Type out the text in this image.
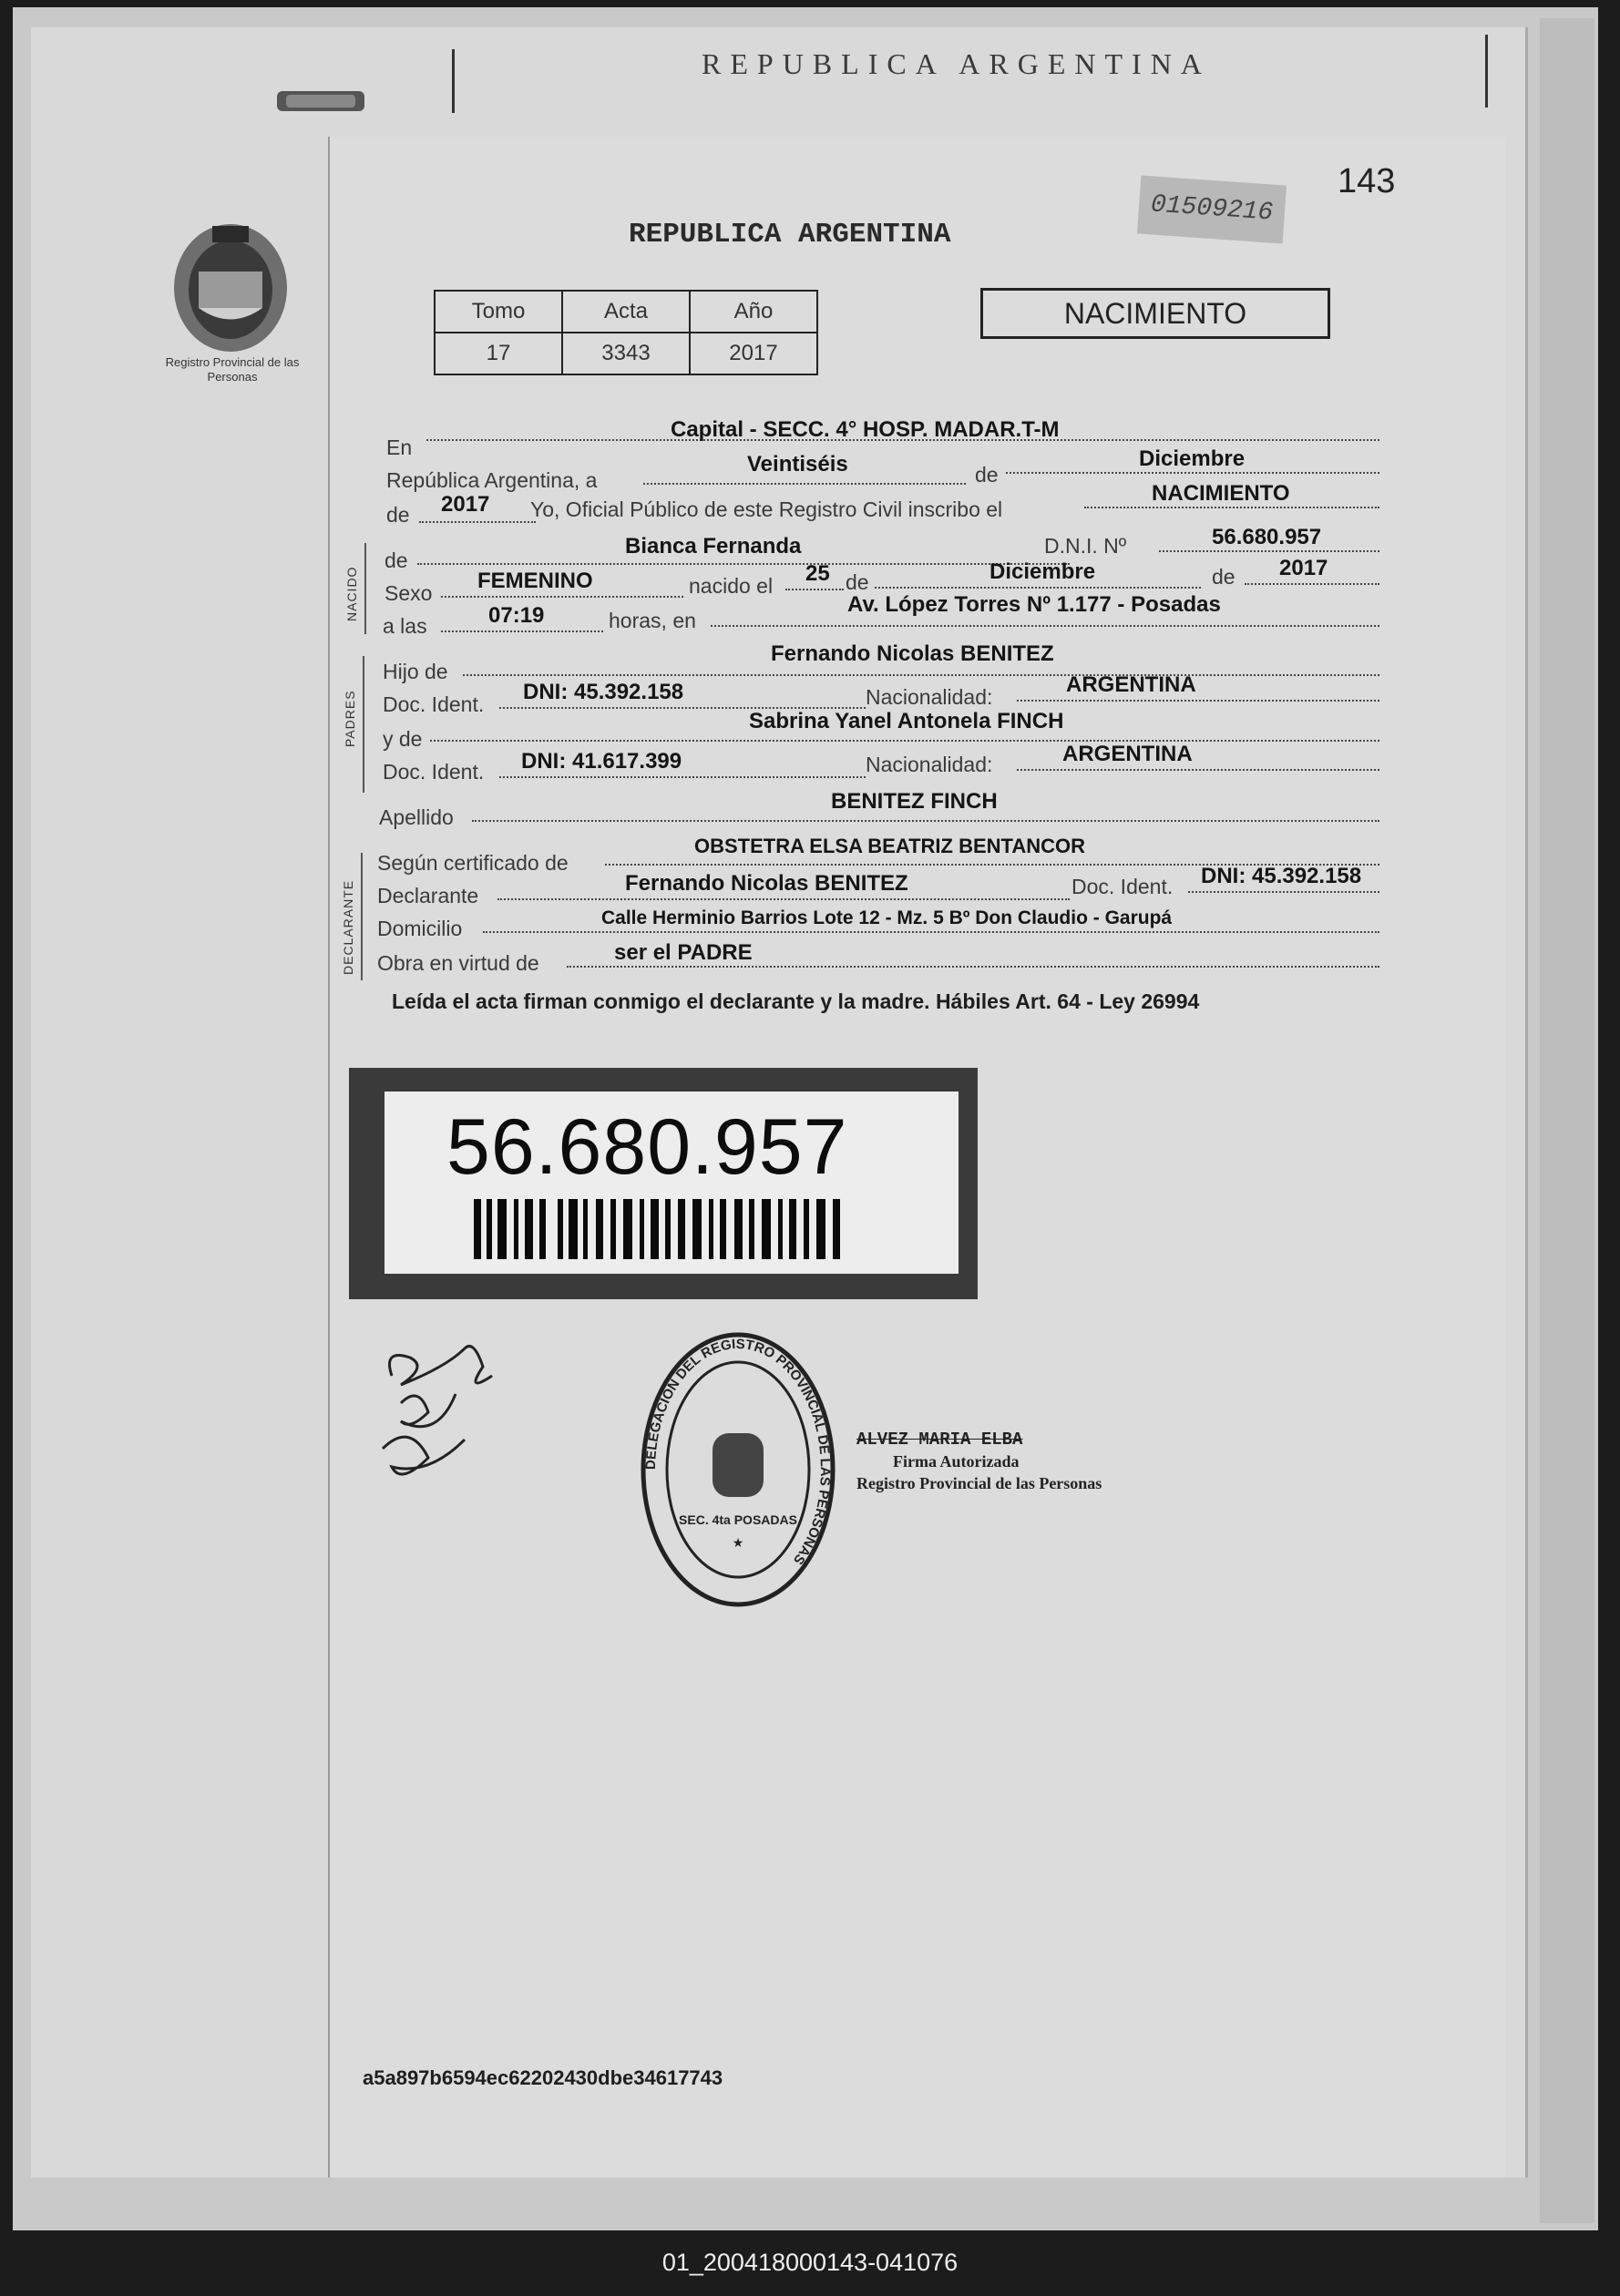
REPUBLICA ARGENTINA
Registro Provincial de las Personas
01509216
143
REPUBLICA ARGENTINA
Tomo	Acta	Año
17	3343	2017
NACIMIENTO
En
Capital - SECC. 4° HOSP. MADAR.T-M
República Argentina, a
Veintiséis	de
Diciembre
de 2017 Yo, Oficial Público de este Registro Civil inscribo el
NACIMIENTO
NACIDO
de
Bianca Fernanda	D.N.I. Nº	56.680.957
Sexo FEMENINO	nacido el 25 de	Diciembre	de 2017
a las	07:19	horas, en
Av. López Torres Nº 1.177 - Posadas
PADRES
Hijo de
Fernando Nicolas BENITEZ
Doc. Ident. DNI: 45.392.158	Nacionalidad:	ARGENTINA
y de
Sabrina Yanel Antonela FINCH
Doc. Ident. DNI: 41.617.399	Nacionalidad:	ARGENTINA
Apellido
BENITEZ FINCH
DECLARANTE
Según certificado de
OBSTETRA ELSA BEATRIZ BENTANCOR
Declarante	Fernando Nicolas BENITEZ	Doc. Ident. DNI: 45.392.158
Domicilio	Calle Herminio Barrios Lote 12 - Mz. 5 Bº Don Claudio - Garupá
Obra en virtud de	ser el PADRE
Leída el acta firman conmigo el declarante y la madre. Hábiles Art. 64 - Ley 26994
56.680.957
★
DELEGACION DEL REGISTRO PROVINCIAL DE LAS PERSONAS
SEC. 4ta POSADAS
ALVEZ MARIA ELBA
Firma Autorizada
Registro Provincial de las Personas
a5a897b6594ec62202430dbe34617743
01_200418000143-041076
